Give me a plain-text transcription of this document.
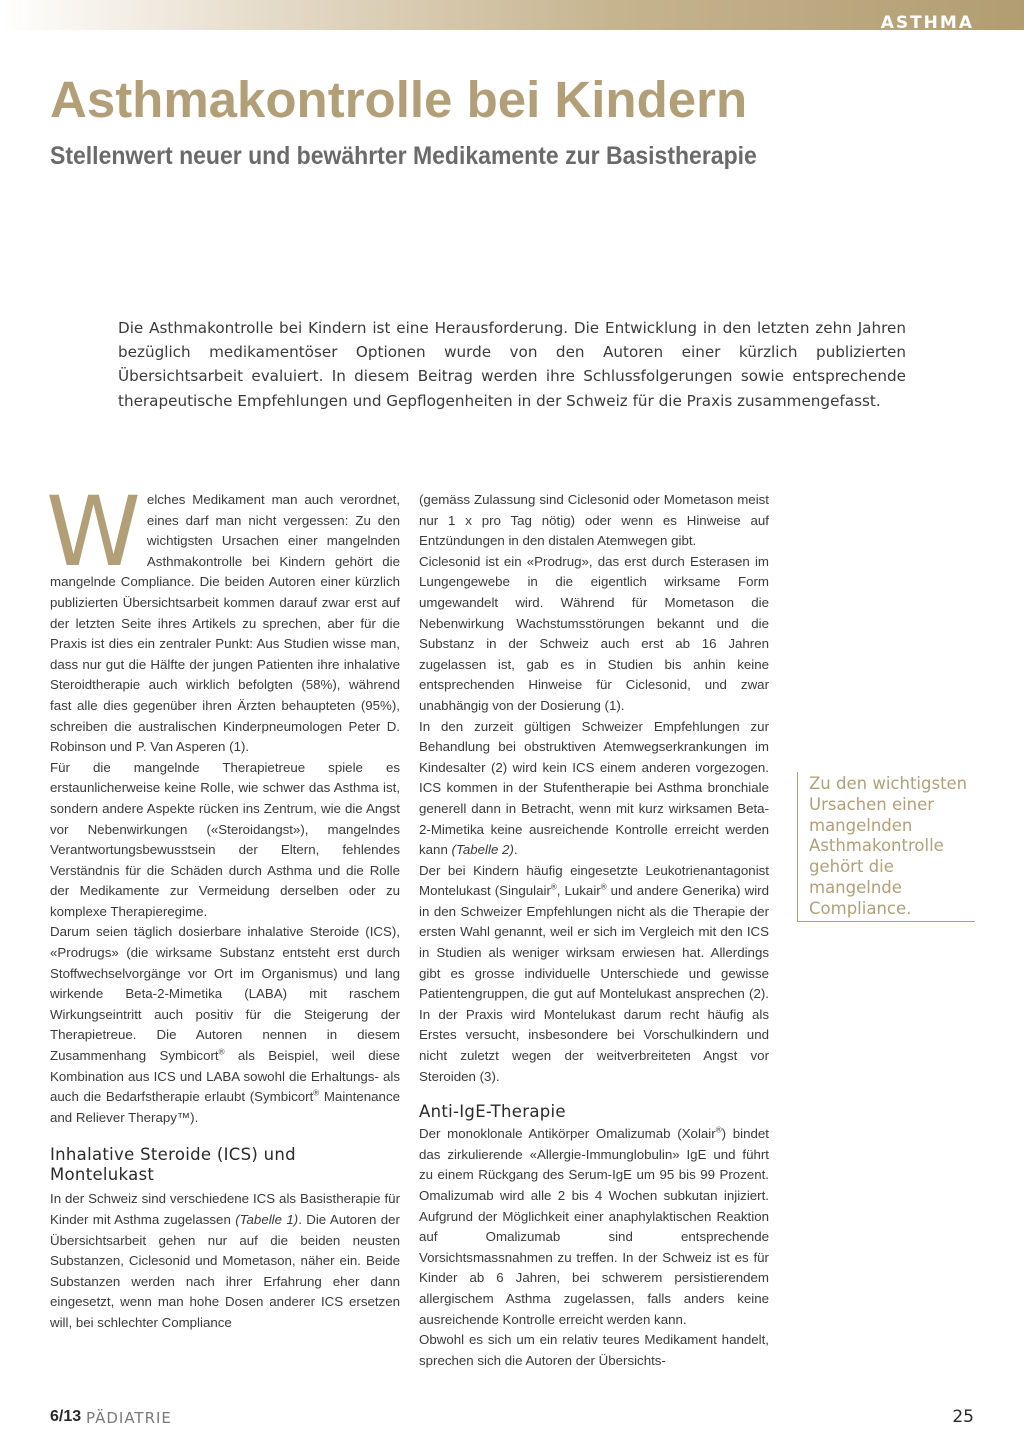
ASTHMA
Asthmakontrolle bei Kindern
Stellenwert neuer und bewährter Medikamente zur Basistherapie
Die Asthmakontrolle bei Kindern ist eine Herausforderung. Die Entwicklung in den letzten zehn Jahren bezüglich medikamentöser Optionen wurde von den Autoren einer kürzlich publizierten Übersichtsarbeit evaluiert. In diesem Beitrag werden ihre Schlussfolgerungen sowie entsprechende therapeutische Empfehlungen und Gepflogenheiten in der Schweiz für die Praxis zusammengefasst.

Welches Medikament man auch verordnet, eines darf man nicht vergessen: Zu den wichtigsten Ursachen einer mangelnden Asthmakontrolle bei Kindern gehört die mangelnde Compliance. Die beiden Autoren einer kürzlich publizierten Übersichtsarbeit kommen darauf zwar erst auf der letzten Seite ihres Artikels zu sprechen, aber für die Praxis ist dies ein zentraler Punkt: Aus Studien wisse man, dass nur gut die Hälfte der jungen Patienten ihre inhalative Steroidtherapie auch wirklich befolgten (58%), während fast alle dies gegenüber ihren Ärzten behaupteten (95%), schreiben die australischen Kinderpneumologen Peter D. Robinson und P. Van Asperen (1).

Für die mangelnde Therapietreue spiele es erstaunlicherweise keine Rolle, wie schwer das Asthma ist, sondern andere Aspekte rücken ins Zentrum, wie die Angst vor Nebenwirkungen («Steroidangst»), mangelndes Verantwortungsbewusstsein der Eltern, fehlendes Verständnis für die Schäden durch Asthma und die Rolle der Medikamente zur Vermeidung derselben oder zu komplexe Therapieregime.

Darum seien täglich dosierbare inhalative Steroide (ICS), «Prodrugs» (die wirksame Substanz entsteht erst durch Stoffwechselvorgänge vor Ort im Organismus) und lang wirkende Beta-2-Mimetika (LABA) mit raschem Wirkungseintritt auch positiv für die Steigerung der Therapietreue. Die Autoren nennen in diesem Zusammenhang Symbicort® als Beispiel, weil diese Kombination aus ICS und LABA sowohl die Erhaltungs- als auch die Bedarfstherapie erlaubt (Symbicort® Maintenance and Reliever Therapy™).

Inhalative Steroide (ICS) und Montelukast

In der Schweiz sind verschiedene ICS als Basistherapie für Kinder mit Asthma zugelassen (Tabelle 1). Die Autoren der Übersichtsarbeit gehen nur auf die beiden neusten Substanzen, Ciclesonid und Mometason, näher ein. Beide Substanzen werden nach ihrer Erfahrung eher dann eingesetzt, wenn man hohe Dosen anderer ICS ersetzen will, bei schlechter Compliance

(gemäss Zulassung sind Ciclesonid oder Mometason meist nur 1 x pro Tag nötig) oder wenn es Hinweise auf Entzündungen in den distalen Atemwegen gibt.

Ciclesonid ist ein «Prodrug», das erst durch Esterasen im Lungengewebe in die eigentlich wirksame Form umgewandelt wird. Während für Mometason die Nebenwirkung Wachstumsstörungen bekannt und die Substanz in der Schweiz auch erst ab 16 Jahren zugelassen ist, gab es in Studien bis anhin keine entsprechenden Hinweise für Ciclesonid, und zwar unabhängig von der Dosierung (1).

In den zurzeit gültigen Schweizer Empfehlungen zur Behandlung bei obstruktiven Atemwegserkrankungen im Kindesalter (2) wird kein ICS einem anderen vorgezogen. ICS kommen in der Stufentherapie bei Asthma bronchiale generell dann in Betracht, wenn mit kurz wirksamen Beta-2-Mimetika keine ausreichende Kontrolle erreicht werden kann (Tabelle 2).

Der bei Kindern häufig eingesetzte Leukotrienantagonist Montelukast (Singulair®, Lukair® und andere Generika) wird in den Schweizer Empfehlungen nicht als die Therapie der ersten Wahl genannt, weil er sich im Vergleich mit den ICS in Studien als weniger wirksam erwiesen hat. Allerdings gibt es grosse individuelle Unterschiede und gewisse Patientengruppen, die gut auf Montelukast ansprechen (2). In der Praxis wird Montelukast darum recht häufig als Erstes versucht, insbesondere bei Vorschulkindern und nicht zuletzt wegen der weitverbreiteten Angst vor Steroiden (3).

Anti-IgE-Therapie

Der monoklonale Antikörper Omalizumab (Xolair®) bindet das zirkulierende «Allergie-Immunglobulin» IgE und führt zu einem Rückgang des Serum-IgE um 95 bis 99 Prozent. Omalizumab wird alle 2 bis 4 Wochen subkutan injiziert. Aufgrund der Möglichkeit einer anaphylaktischen Reaktion auf Omalizumab sind entsprechende Vorsichtsmassnahmen zu treffen. In der Schweiz ist es für Kinder ab 6 Jahren, bei schwerem persistierendem allergischem Asthma zugelassen, falls anders keine ausreichende Kontrolle erreicht werden kann.

Obwohl es sich um ein relativ teures Medikament handelt, sprechen sich die Autoren der Übersichts-

Zu den wichtigsten Ursachen einer mangelnden Asthmakontrolle gehört die mangelnde Compliance.
6/13 PÄDIATRIE	25
